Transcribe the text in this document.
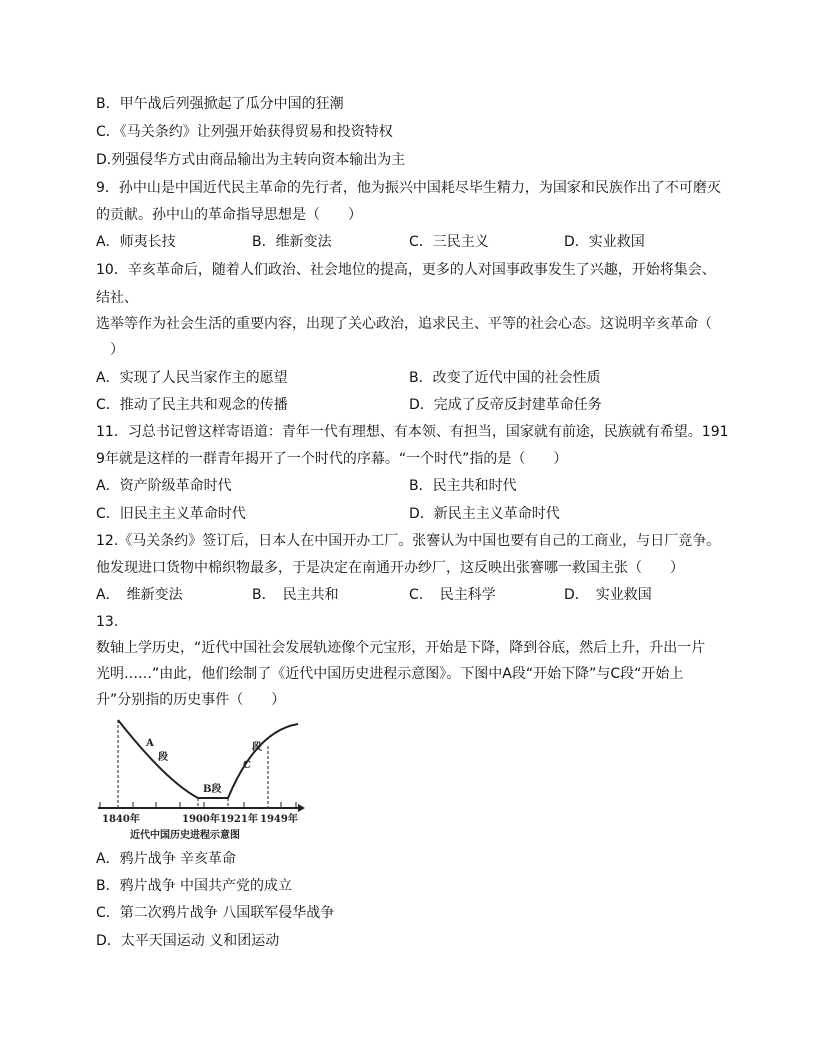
B．甲午战后列强掀起了瓜分中国的狂潮
C．《马关条约》让列强开始获得贸易和投资特权
D.列强侵华方式由商品输出为主转向资本输出为主
9．孙中山是中国近代民主革命的先行者，他为振兴中国耗尽毕生精力，为国家和民族作出了不可磨灭
的贡献。孙中山的革命指导思想是（　　）
A．师夷长技	B．维新变法	C．三民主义	D．实业救国
10．辛亥革命后，随着人们政治、社会地位的提高，更多的人对国事政事发生了兴趣，开始将集会、
结社、
选举等作为社会生活的重要内容，出现了关心政治，追求民主、平等的社会心态。这说明辛亥革命（
　）
A．实现了人民当家作主的愿望	B．改变了近代中国的社会性质
C．推动了民主共和观念的传播	D．完成了反帝反封建革命任务
11．习总书记曾这样寄语道：青年一代有理想、有本领、有担当，国家就有前途，民族就有希望。191
9年就是这样的一群青年揭开了一个时代的序幕。“一个时代”指的是（　　）
A．资产阶级革命时代	B．民主共和时代
C．旧民主主义革命时代	D．新民主主义革命时代
12.《马关条约》签订后，日本人在中国开办工厂。张謇认为中国也要有自己的工商业，与日厂竞争。
他发现进口货物中棉织物最多，于是决定在南通开办纱厂，这反映出张謇哪一救国主张（　　）
A．　维新变法	B．　民主共和	C．　民主科学	D．　实业救国
13.
数轴上学历史，“近代中国社会发展轨迹像个元宝形，开始是下降，降到谷底，然后上升，升出一片
光明……”由此，他们绘制了《近代中国历史进程示意图》。下图中A段“开始下降”与C段“开始上
升”分别指的历史事件（　　）
A
段
B段
C
段
1840年	1900年 1921年 1949年
近代中国历史进程示意图
A．鸦片战争 辛亥革命
B．鸦片战争 中国共产党的成立
C．第二次鸦片战争 八国联军侵华战争
D．太平天国运动 义和团运动
